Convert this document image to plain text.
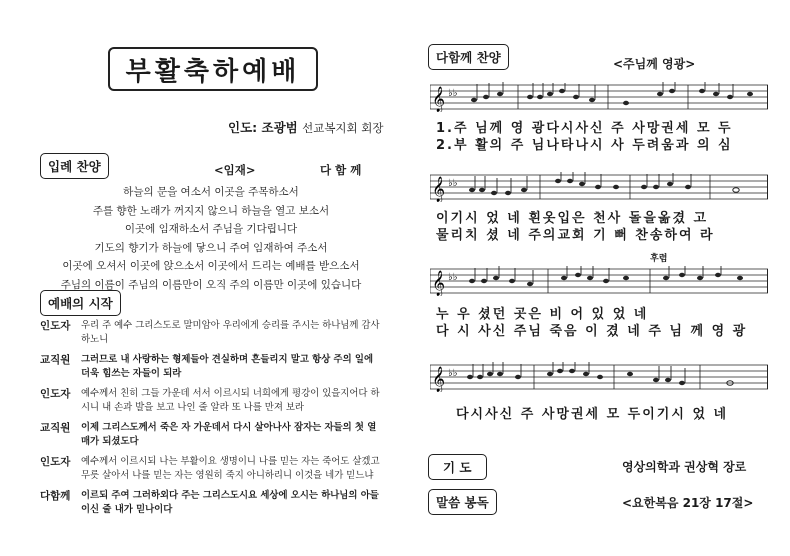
부활축하예배
인도: 조광범 선교복지회 회장
입례 찬양	<임재>	다함께
하늘의 문을 여소서 이곳을 주목하소서
주를 향한 노래가 꺼지지 않으니 하늘을 열고 보소서
이곳에 임재하소서 주님을 기다립니다
기도의 향기가 하늘에 닿으니 주여 임재하여 주소서
이곳에 오셔서 이곳에 앉으소서 이곳에서 드리는 예배를 받으소서
주님의 이름이 주님의 이름만이 오직 주의 이름만 이곳에 있습니다
예배의 시작
인도자	우리 주 예수 그리스도로 말미암아 우리에게 승리를 주시는 하나님께 감사하노니
교직원	그러므로 내 사랑하는 형제들아 견실하며 흔들리지 말고 항상 주의 일에 더욱 힘쓰는 자들이 되라
인도자	예수께서 친히 그들 가운데 서서 이르시되 너희에게 평강이 있을지어다 하시니 내 손과 발을 보고 나인 줄 알라 또 나를 만져 보라
교직원	이제 그리스도께서 죽은 자 가운데서 다시 살아나사 잠자는 자들의 첫 열매가 되셨도다
인도자	예수께서 이르시되 나는 부활이요 생명이니 나를 믿는 자는 죽어도 살겠고 무릇 살아서 나를 믿는 자는 영원히 죽지 아니하리니 이것을 네가 믿느냐
다함께	이르되 주여 그러하외다 주는 그리스도시요 세상에 오시는 하나님의 아들이신 줄 내가 믿나이다
다함께 찬양	<주님께 영광>
𝄞 ♭♭
1.주 님께 영 광다시사신 주 사망권세 모 두
2.부 활의 주 님나타나시 사 두려움과 의 심
𝄞 ♭♭
이기시 었 네 흰옷입은 천사 돌을옮겼 고
물리치 셨 네 주의교회 기 뻐 찬송하여 라
후렴
𝄞 ♭♭
누 우 셨던 곳은 비 어 있 었 네
다 시 사신 주님 죽음 이 겼 네 주 님 께 영 광
𝄞 ♭♭
다시사신 주 사망권세 모 두이기시 었 네
기 도	영상의학과 권상혁 장로
말씀 봉독	<요한복음 21장 17절>
